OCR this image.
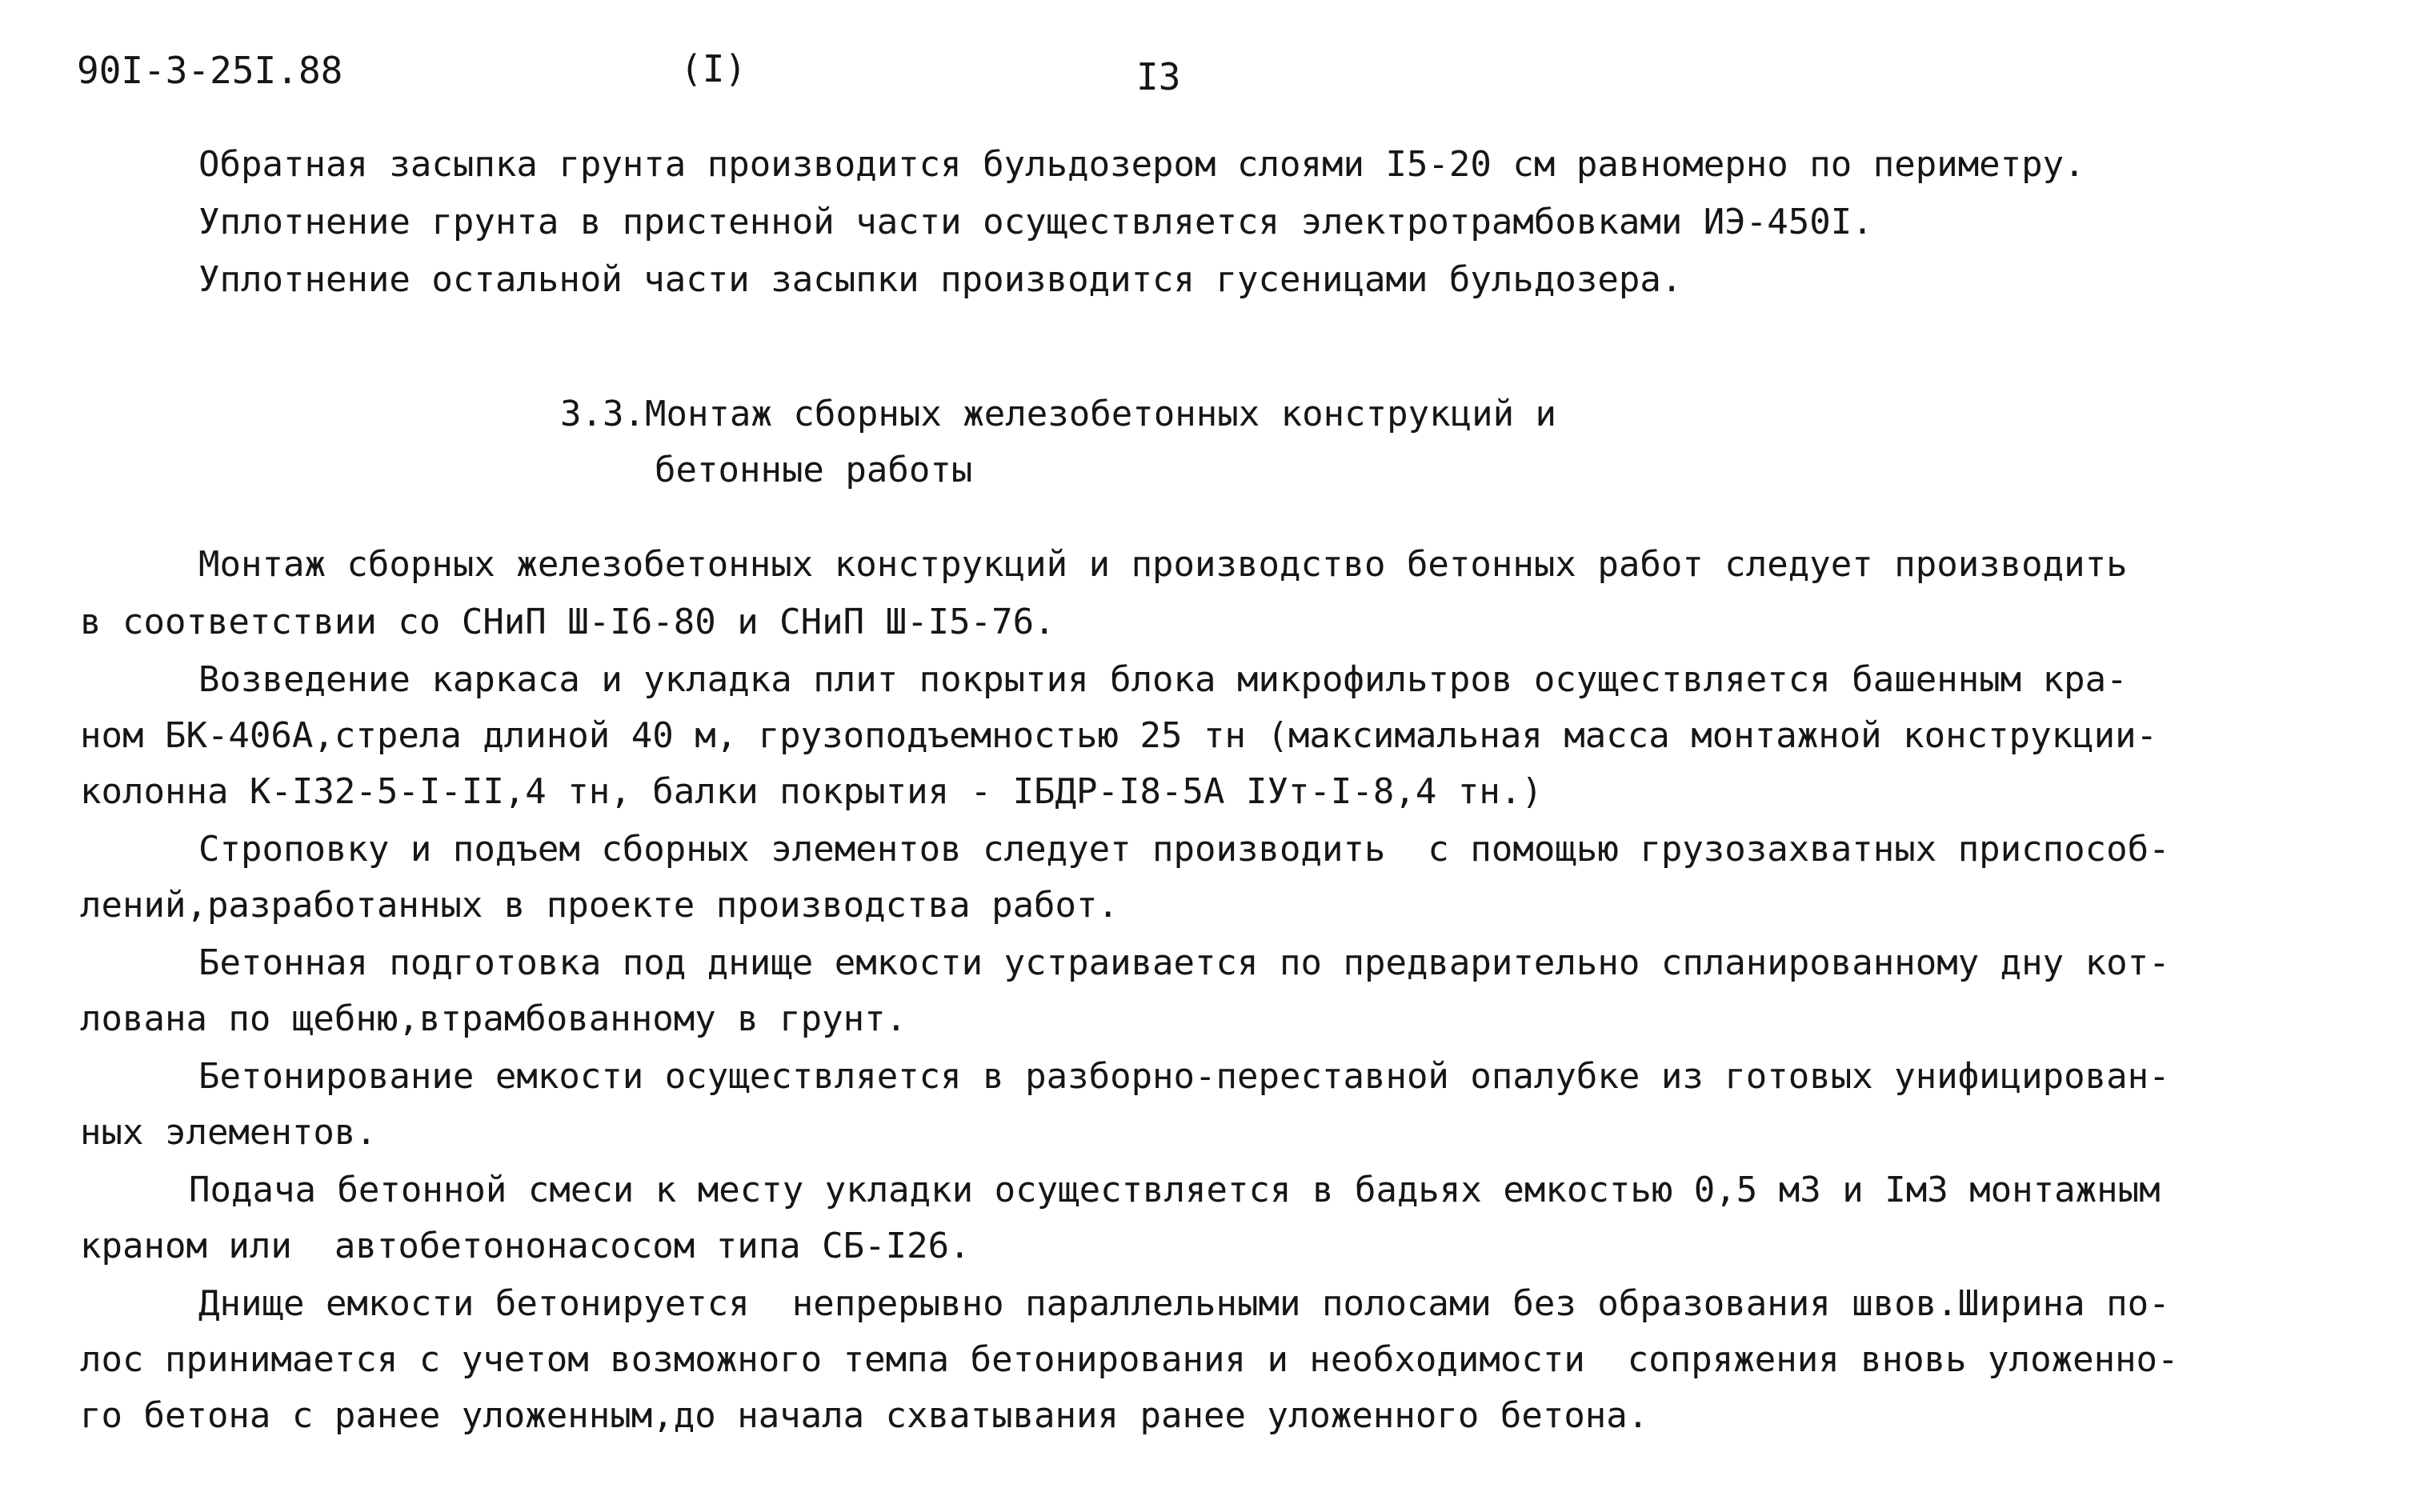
90I-3-25I.88	(I)	I3
Обратная засыпка грунта производится бульдозером слоями I5-20 см равномерно по периметру.
Уплотнение грунта в пристенной части осуществляется электротрамбовками ИЭ-450I.
Уплотнение остальной части засыпки производится гусеницами бульдозера.
3.3.Монтаж сборных железобетонных конструкций и
бетонные работы
Монтаж сборных железобетонных конструкций и производство бетонных работ следует производить
в соответствии со СНиП Ш-I6-80 и СНиП Ш-I5-76.
Возведение каркаса и укладка плит покрытия блока микрофильтров осуществляется башенным кра-
ном БК-406А,стрела длиной 40 м, грузоподъемностью 25 тн (максимальная масса монтажной конструкции-
колонна К-I32-5-I-II,4 тн, балки покрытия - IБДР-I8-5А IУт-I-8,4 тн.)
Строповку и подъем сборных элементов следует производить  с помощью грузозахватных приспособ-
лений,разработанных в проекте производства работ.
Бетонная подготовка под днище емкости устраивается по предварительно спланированному дну кот-
лована по щебню,втрамбованному в грунт.
Бетонирование емкости осуществляется в разборно-переставной опалубке из готовых унифицирован-
ных элементов.
Подача бетонной смеси к месту укладки осуществляется в бадьях емкостью 0,5 м3 и Iм3 монтажным
краном или  автобетононасосом типа СБ-I26.
Днище емкости бетонируется  непрерывно параллельными полосами без образования швов.Ширина по-
лос принимается с учетом возможного темпа бетонирования и необходимости  сопряжения вновь уложенно-
го бетона с ранее уложенным,до начала схватывания ранее уложенного бетона.
